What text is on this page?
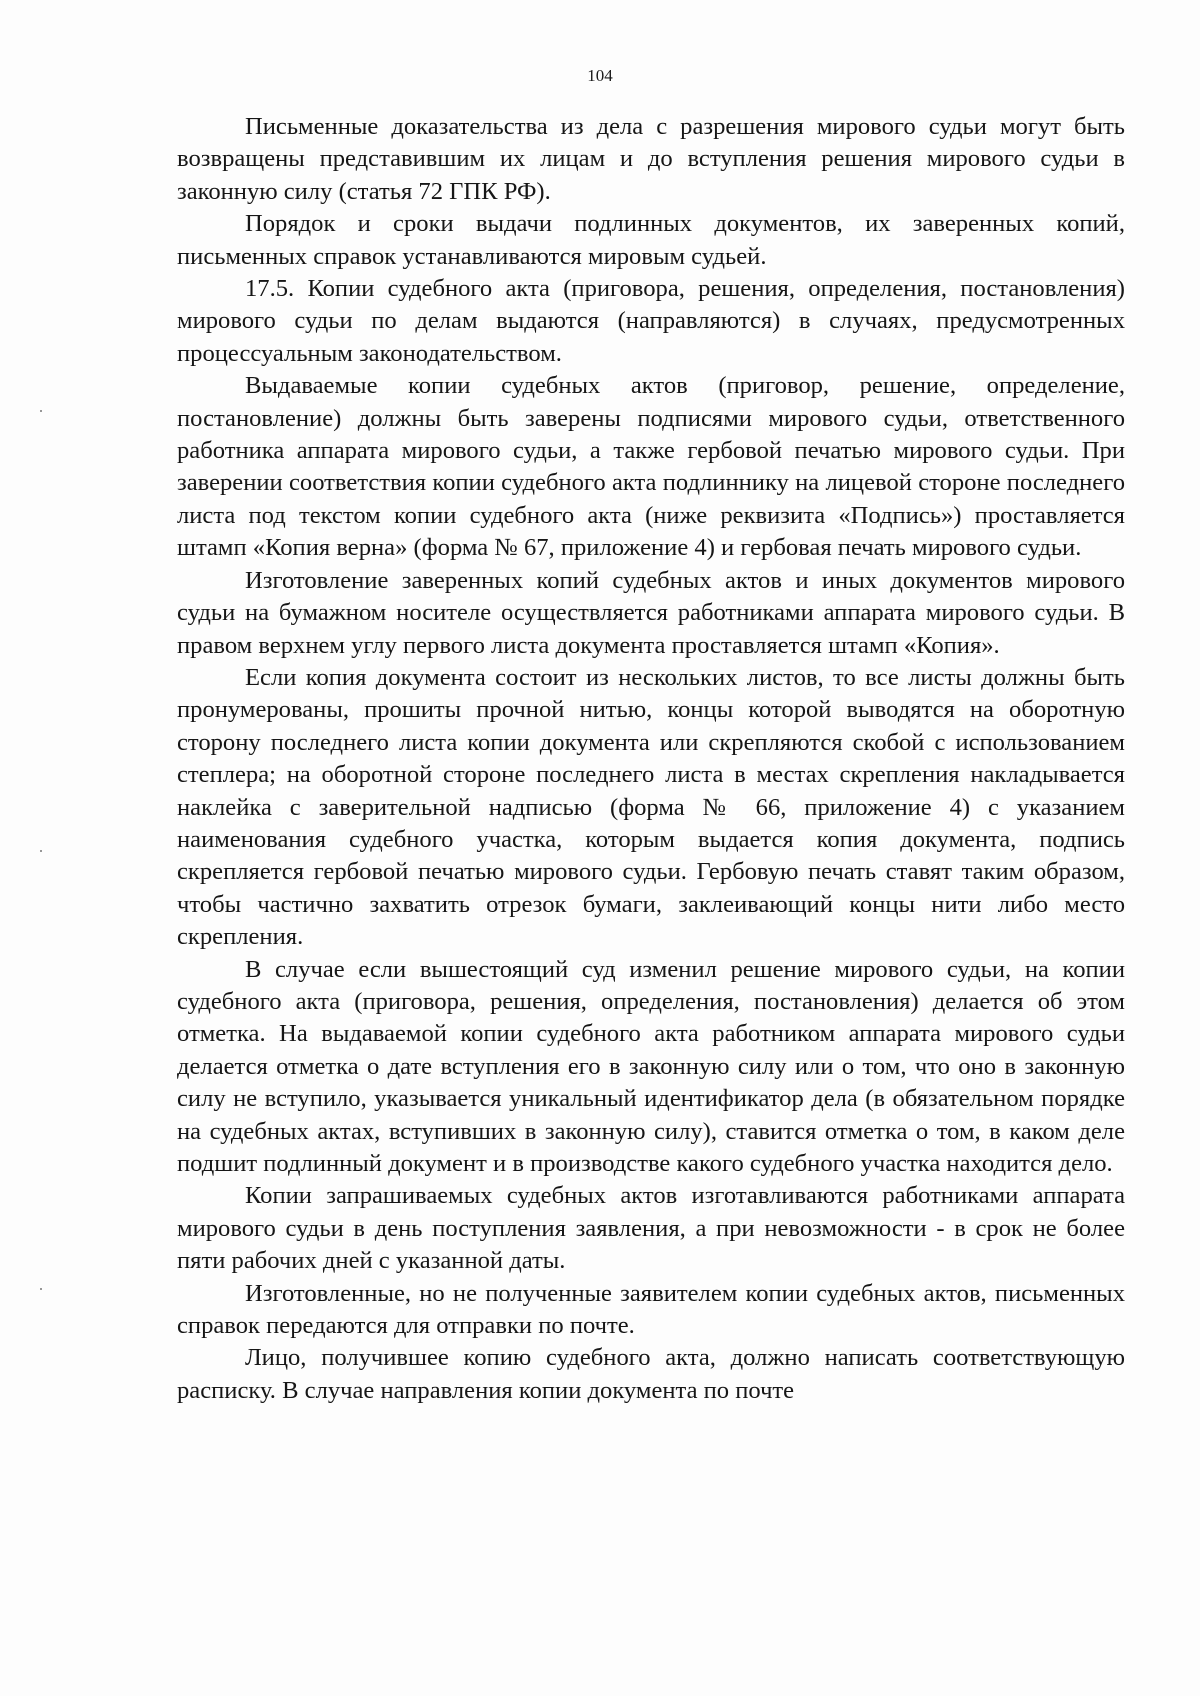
104

Письменные доказательства из дела с разрешения мирового судьи могут быть возвращены представившим их лицам и до вступления решения мирового судьи в законную силу (статья 72 ГПК РФ).

Порядок и сроки выдачи подлинных документов, их заверенных копий, письменных справок устанавливаются мировым судьей.

17.5. Копии судебного акта (приговора, решения, определения, постановления) мирового судьи по делам выдаются (направляются) в случаях, предусмотренных процессуальным законодательством.

Выдаваемые копии судебных актов (приговор, решение, определение, постановление) должны быть заверены подписями мирового судьи, ответственного работника аппарата мирового судьи, а также гербовой печатью мирового судьи. При заверении соответствия копии судебного акта подлиннику на лицевой стороне последнего листа под текстом копии судебного акта (ниже реквизита «Подпись») проставляется штамп «Копия верна» (форма № 67, приложение 4) и гербовая печать мирового судьи.

Изготовление заверенных копий судебных актов и иных документов мирового судьи на бумажном носителе осуществляется работниками аппарата мирового судьи. В правом верхнем углу первого листа документа проставляется штамп «Копия».

Если копия документа состоит из нескольких листов, то все листы должны быть пронумерованы, прошиты прочной нитью, концы которой выводятся на оборотную сторону последнего листа копии документа или скрепляются скобой с использованием степлера; на оборотной стороне последнего листа в местах скрепления накладывается наклейка с заверительной надписью (форма № 66, приложение 4) с указанием наименования судебного участка, которым выдается копия документа, подпись скрепляется гербовой печатью мирового судьи. Гербовую печать ставят таким образом, чтобы частично захватить отрезок бумаги, заклеивающий концы нити либо место скрепления.

В случае если вышестоящий суд изменил решение мирового судьи, на копии судебного акта (приговора, решения, определения, постановления) делается об этом отметка. На выдаваемой копии судебного акта работником аппарата мирового судьи делается отметка о дате вступления его в законную силу или о том, что оно в законную силу не вступило, указывается уникальный идентификатор дела (в обязательном порядке на судебных актах, вступивших в законную силу), ставится отметка о том, в каком деле подшит подлинный документ и в производстве какого судебного участка находится дело.

Копии запрашиваемых судебных актов изготавливаются работниками аппарата мирового судьи в день поступления заявления, а при невозможности - в срок не более пяти рабочих дней с указанной даты.

Изготовленные, но не полученные заявителем копии судебных актов, письменных справок передаются для отправки по почте.

Лицо, получившее копию судебного акта, должно написать соответствующую расписку. В случае направления копии документа по почте
